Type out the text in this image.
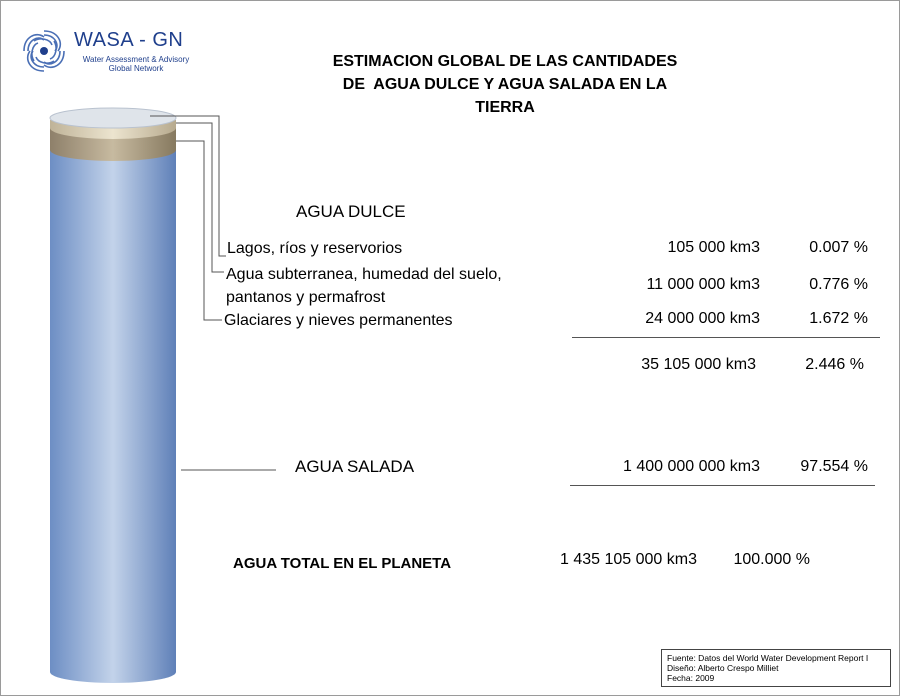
WASA - GN
Water Assessment & Advisory
Global Network	ESTIMACION GLOBAL DE LAS CANTIDADES
DE  AGUA DULCE Y AGUA SALADA EN LA
TIERRA
AGUA DULCE
Lagos, ríos y reservorios	105 000 km3	0.007 %
Agua subterranea, humedad del suelo,
pantanos y permafrost
11 000 000 km3	0.776 %
Glaciares y nieves permanentes	24 000 000 km3	1.672 %
35 105 000 km3	2.446 %
AGUA SALADA	1 400 000 000 km3	97.554 %
AGUA TOTAL EN EL PLANETA	1 435 105 000 km3	100.000 %
Fuente: Datos del World Water Development Report I
Diseño: Alberto Crespo Milliet
Fecha: 2009
